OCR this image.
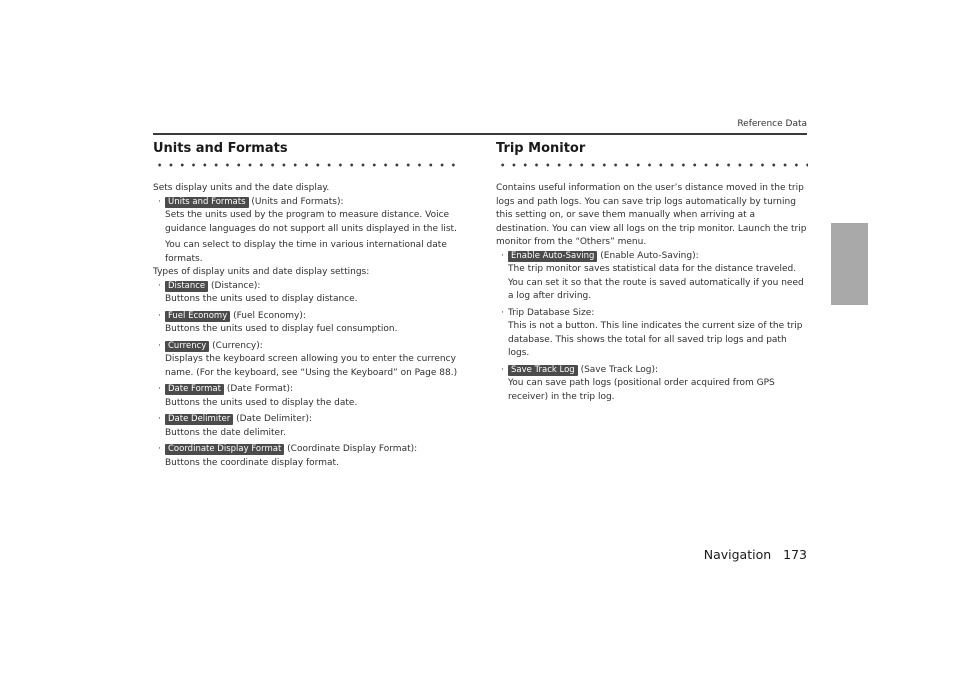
Reference Data
Units and Formats

Sets display units and the date display.

· Units and Formats (Units and Formats):

Sets the units used by the program to measure distance. Voice guidance languages do not support all units displayed in the list.

You can select to display the time in various international date formats.

Types of display units and date display settings:

· Distance (Distance):

Buttons the units used to display distance.

· Fuel Economy (Fuel Economy):

Buttons the units used to display fuel consumption.

· Currency (Currency):

Displays the keyboard screen allowing you to enter the currency name. (For the keyboard, see “Using the Keyboard” on Page 88.)

· Date Format (Date Format):

Buttons the units used to display the date.

· Date Delimiter (Date Delimiter):

Buttons the date delimiter.

· Coordinate Display Format (Coordinate Display Format):

Buttons the coordinate display format.

Trip Monitor

Contains useful information on the user’s distance moved in the trip logs and path logs. You can save trip logs automatically by turning this setting on, or save them manually when arriving at a destination. You can view all logs on the trip monitor. Launch the trip monitor from the “Others” menu.

· Enable Auto-Saving (Enable Auto-Saving):

The trip monitor saves statistical data for the distance traveled. You can set it so that the route is saved automatically if you need a log after driving.

· Trip Database Size:

This is not a button. This line indicates the current size of the trip database. This shows the total for all saved trip logs and path logs.

· Save Track Log (Save Track Log):

You can save path logs (positional order acquired from GPS receiver) in the trip log.

Navigation 173
